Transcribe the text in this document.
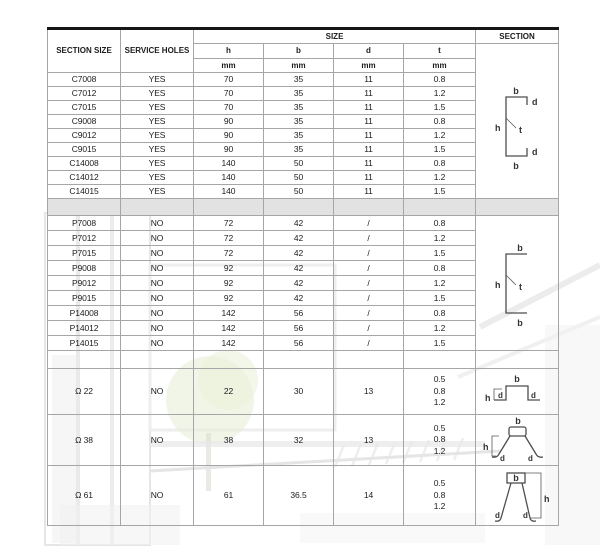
SECTION SIZE	SERVICE HOLES	SIZE				SECTION
h	b	d	t	
b
d
h t
d
b

		mm	mm	mm	mm	
C7008	YES	70	35	11	0.8	
C7012	YES	70	35	11	1.2	
C7015	YES	70	35	11	1.5	
C9008	YES	90	35	11	0.8	
C9012	YES	90	35	11	1.2	
C9015	YES	90	35	11	1.5	
C14008	YES	140	50	11	0.8	
C14012	YES	140	50	11	1.2	
C14015	YES	140	50	11	1.5	

P7008	NO	72	42	/	0.8	b
h t
b

P7012	NO	72	42	/	1.2	
P7015	NO	72	42	/	1.5	
P9008	NO	92	42	/	0.8	
P9012	NO	92	42	/	1.2	
P9015	NO	92	42	/	1.5	
P14008	NO	142	56	/	0.8	
P14012	NO	142	56	/	1.2	
P14015	NO	142	56	/	1.5	

Ω 22	NO	22	30	13	0.5
0.8
1.2	b
h d d

Ω 38	NO	38	32	13	0.5
0.8
1.2	b
h
d d

Ω 61	NO	61	36.5	14	0.5
0.8
1.2	b
h
d d
